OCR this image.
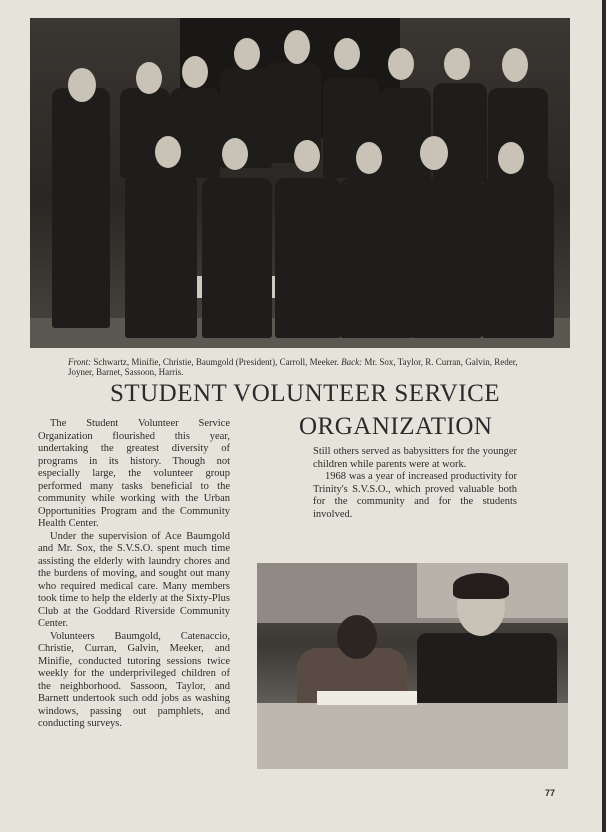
Front: Schwartz, Minifie, Christie, Baumgold (President), Carroll, Meeker. Back: Mr. Sox, Taylor, R. Curran, Galvin, Reder, Joyner, Barnet, Sassoon, Harris.
STUDENT VOLUNTEER SERVICE
ORGANIZATION

The Student Volunteer Service Organization flourished this year, undertaking the greatest diversity of programs in its history. Though not especially large, the volunteer group performed many tasks beneficial to the community while working with the Urban Opportunities Program and the Community Health Center.

Under the supervision of Ace Baumgold and Mr. Sox, the S.V.S.O. spent much time assisting the elderly with laundry chores and the burdens of moving, and sought out many who required medical care. Many members took time to help the elderly at the Sixty-Plus Club at the Goddard Riverside Community Center.

Volunteers Baumgold, Catenaccio, Christie, Curran, Galvin, Meeker, and Minifie, conducted tutoring sessions twice weekly for the underprivileged children of the neighborhood. Sassoon, Taylor, and Barnett undertook such odd jobs as washing windows, passing out pamphlets, and conducting surveys.

Still others served as babysitters for the younger children while parents were at work.

1968 was a year of increased productivity for Trinity's S.V.S.O., which proved valuable both for the community and for the students involved.

77
